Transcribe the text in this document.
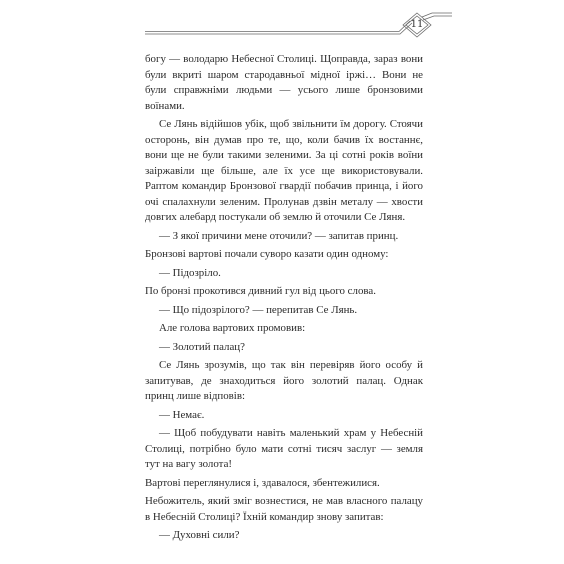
11

богу — володарю Небесної Столиці. Щоправда, зараз вони були вкриті шаром стародавньої мідної іржі… Вони не були справжніми людьми — усього лише бронзовими воїнами.

Се Лянь відійшов убік, щоб звільнити їм дорогу. Стоячи осторонь, він думав про те, що, коли бачив їх востаннє, вони ще не були такими зеленими. За ці сотні років воїни заіржавіли ще більше, але їх усе ще використовували. Раптом командир Бронзової гвардії побачив принца, і його очі спалахнули зеленим. Пролунав дзвін металу — хвости довгих алебард постукали об землю й оточили Се Ляня.

— З якої причини мене оточили? — запитав принц.

Бронзові вартові почали суворо казати один одному:

— Підозріло.

По бронзі прокотився дивний гул від цього слова.

— Що підозрілого? — перепитав Се Лянь.

Але голова вартових промовив:

— Золотий палац?

Се Лянь зрозумів, що так він перевіряв його особу й запитував, де знаходиться його золотий палац. Однак принц лише відповів:

— Немає.

— Щоб побудувати навіть маленький храм у Небесній Столиці, потрібно було мати сотні тисяч заслуг — земля тут на вагу золота!

Вартові переглянулися і, здавалося, збентежилися.

Небожитель, який зміг вознестися, не мав власного палацу в Небесній Столиці? Їхній командир знову запитав:

— Духовні сили?
